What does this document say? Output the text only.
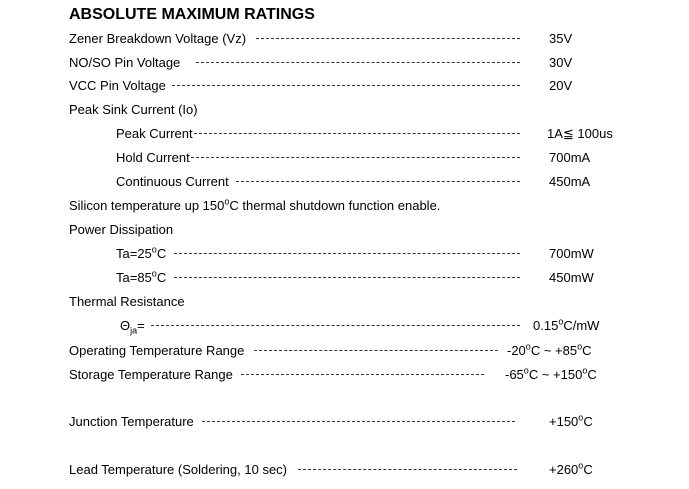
ABSOLUTE MAXIMUM RATINGS
Zener Breakdown Voltage (Vz)	35V
NO/SO Pin Voltage	30V
VCC Pin Voltage	20V
Peak Sink Current (Io)
Peak Current	1A≦ 100us
Hold Current	700mA
Continuous Current	450mA
Silicon temperature up 150$^o$C thermal shutdown function enable.
Power Dissipation
$Ta=25^oC$	700mW
$Ta=85^oC$	450mW
Thermal Resistance
$\Theta_{ja}=$	$0.15^oC/mW$
Operating Temperature Range	-20$^o$C ~ $+85^oC$
Storage Temperature Range	-65$^o$C ~ $+150^oC$
Junction Temperature	$+150^oC$
Lead Temperature (Soldering, 10 sec)	$+260^oC$
